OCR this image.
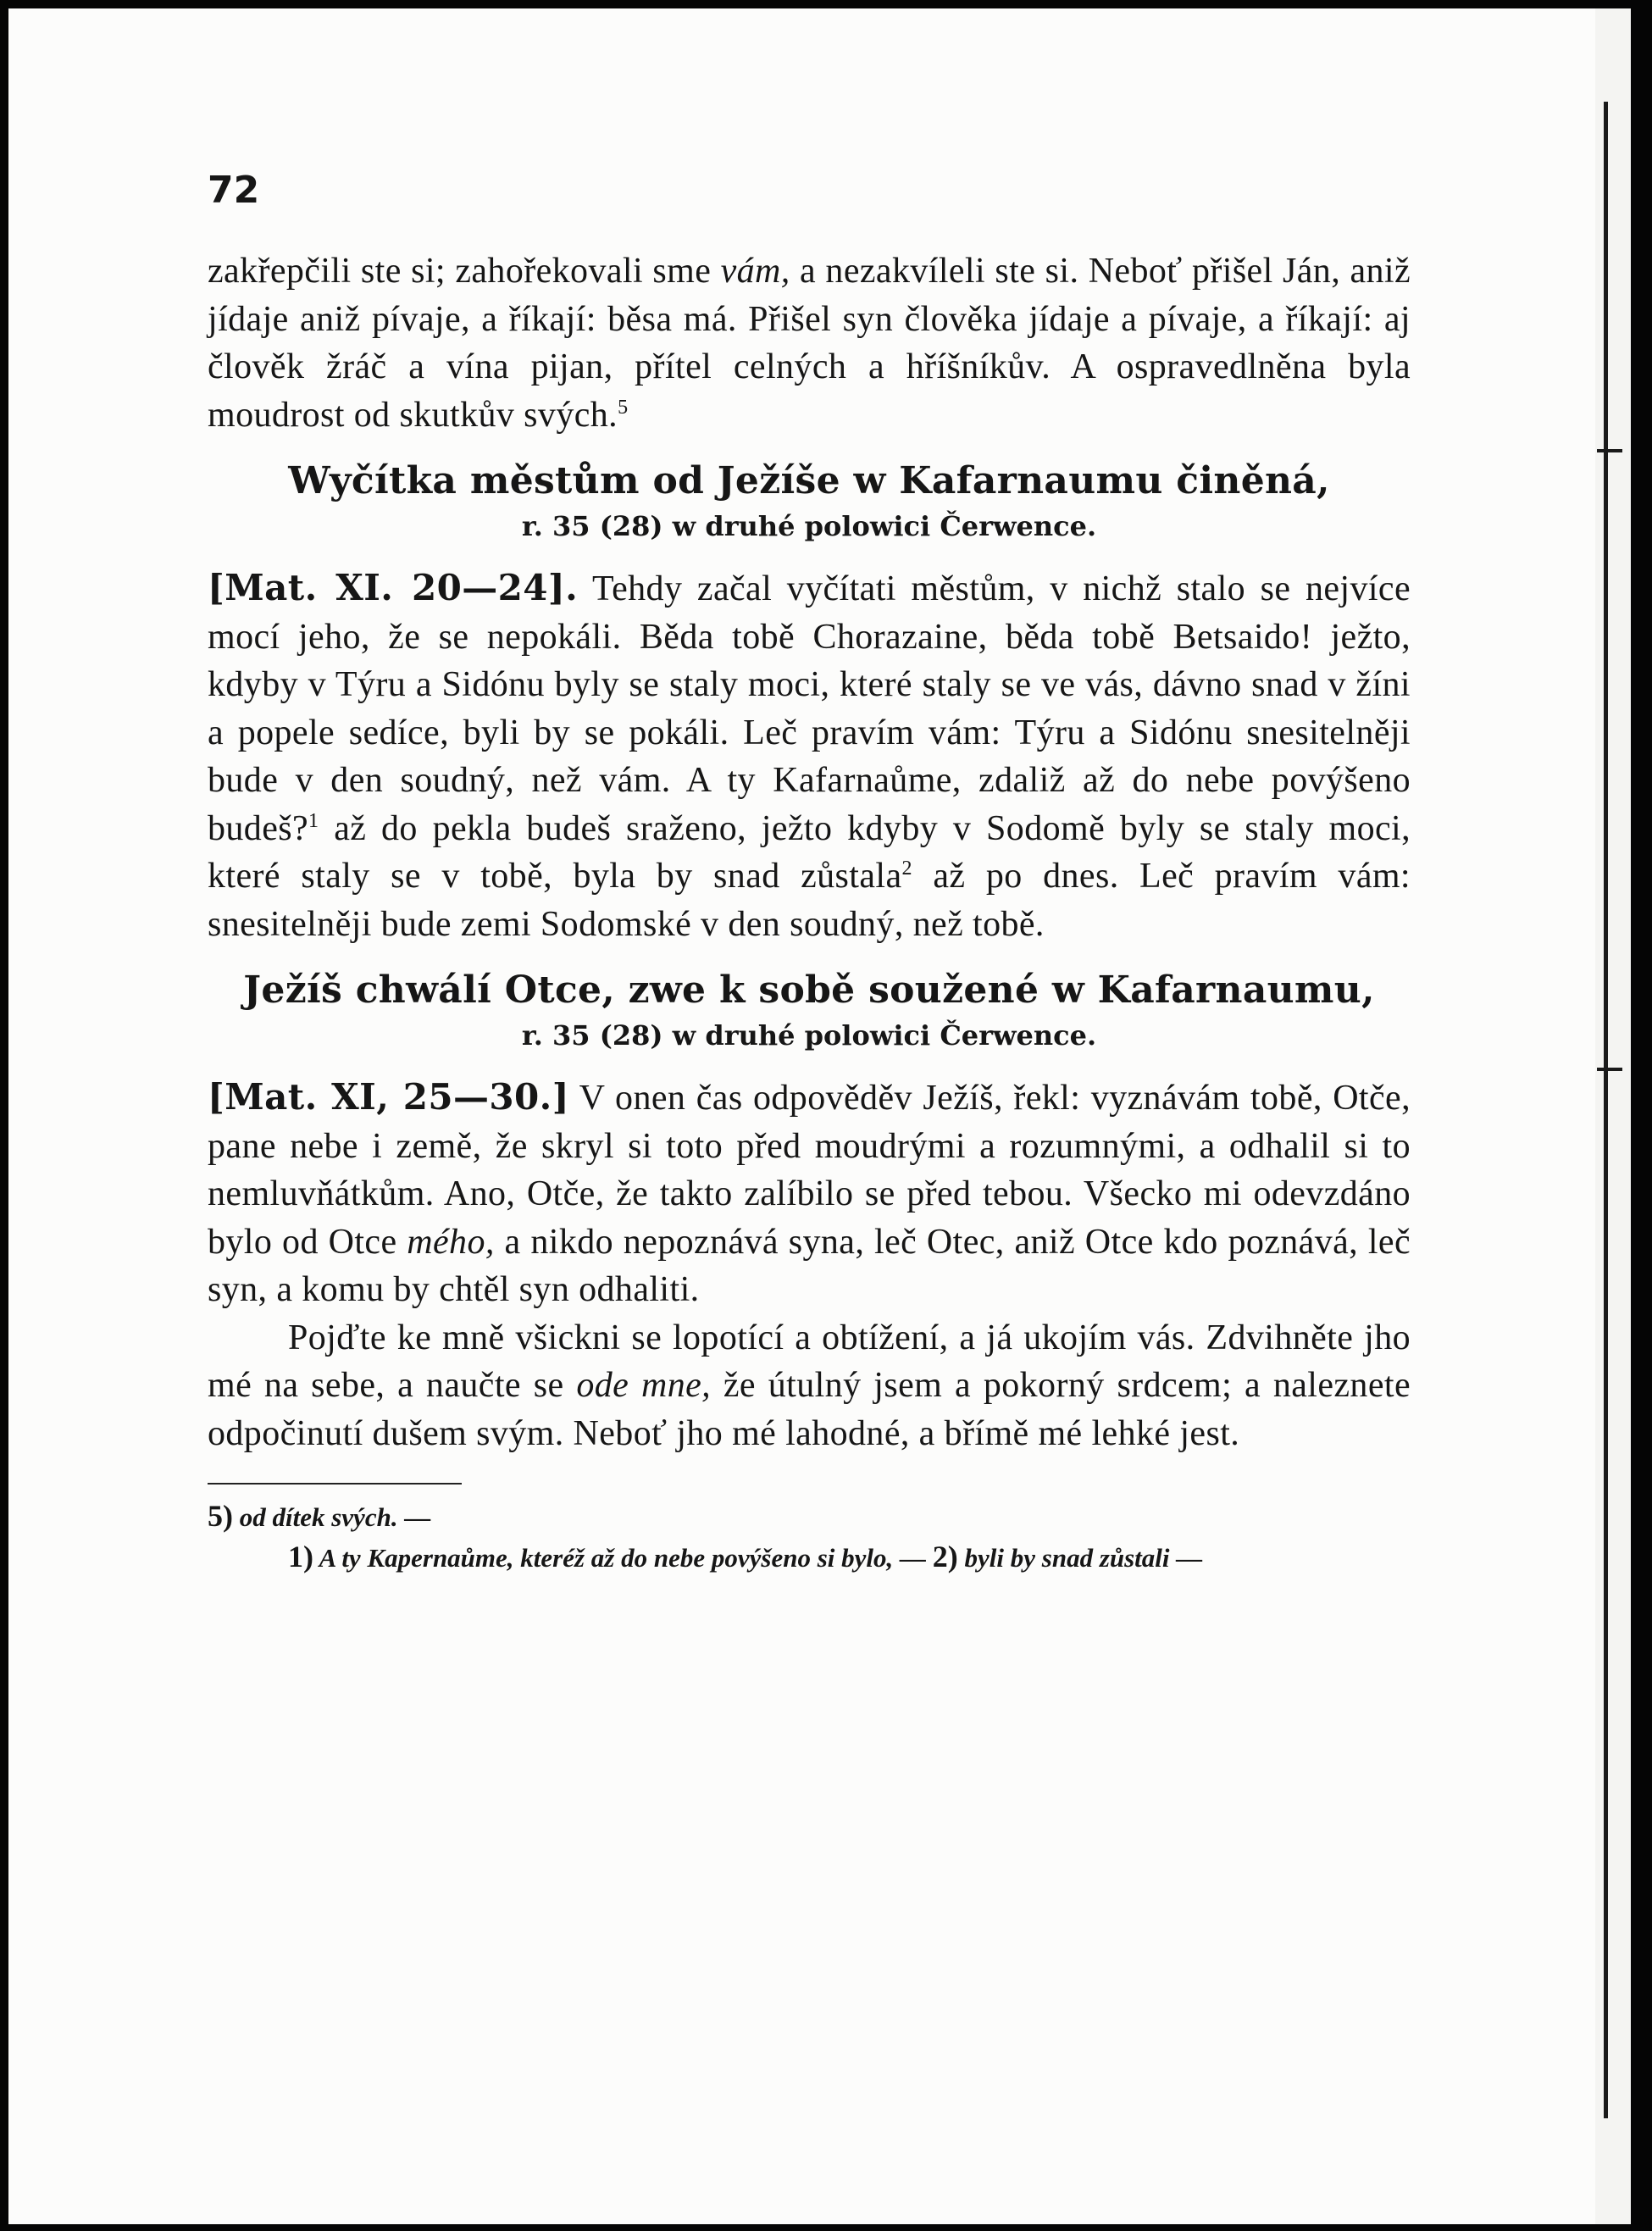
72

zakřepčili ste si; zahořekovali sme vám, a nezakvíleli ste si. Neboť přišel Ján, aniž jídaje aniž pívaje, a říkají: běsa má. Přišel syn člověka jídaje a pívaje, a říkají: aj člověk žráč a vína pijan, přítel celných a hříšníkův. A ospravedlněna byla moudrost od skutkův svých.$^5$

Wyčítka městům od Ježíše w Kafarnaumu činěná,
r. 35 (28) w druhé polowici Čerwence.

[Mat. XI. 20—24]. Tehdy začal vyčítati městům, v nichž stalo se nejvíce mocí jeho, že se nepokáli. Běda tobě Chorazaine, běda tobě Betsaido! ježto, kdyby v Týru a Sidónu byly se staly moci, které staly se ve vás, dávno snad v žíni a popele sedíce, byli by se pokáli. Leč pravím vám: Týru a Sidónu snesitelněji bude v den soudný, než vám. A ty Kafarnaůme, zdaliž až do nebe povýšeno budeš?$^1$ až do pekla budeš sraženo, ježto kdyby v Sodomě byly se staly moci, které staly se v tobě, byla by snad zůstala$^2$ až po dnes. Leč pravím vám: snesitelněji bude zemi Sodomské v den soudný, než tobě.

Ježíš chwálí Otce, zwe k sobě soužené w Kafarnaumu,
r. 35 (28) w druhé polowici Čerwence.

[Mat. XI, 25—30.] V onen čas odpověděv Ježíš, řekl: vyznávám tobě, Otče, pane nebe i země, že skryl si toto před moudrými a rozumnými, a odhalil si to nemluvňátkům. Ano, Otče, že takto zalíbilo se před tebou. Všecko mi odevzdáno bylo od Otce mého, a nikdo nepoznává syna, leč Otec, aniž Otce kdo poznává, leč syn, a komu by chtěl syn odhaliti.

Pojďte ke mně všickni se lopotící a obtížení, a já ukojím vás. Zdvihněte jho mé na sebe, a naučte se ode mne, že útulný jsem a pokorný srdcem; a naleznete odpočinutí dušem svým. Neboť jho mé lahodné, a břímě mé lehké jest.

5) od dítek svých. —

1) A ty Kapernaůme, kteréž až do nebe povýšeno si bylo, — 2) byli by snad zůstali —
